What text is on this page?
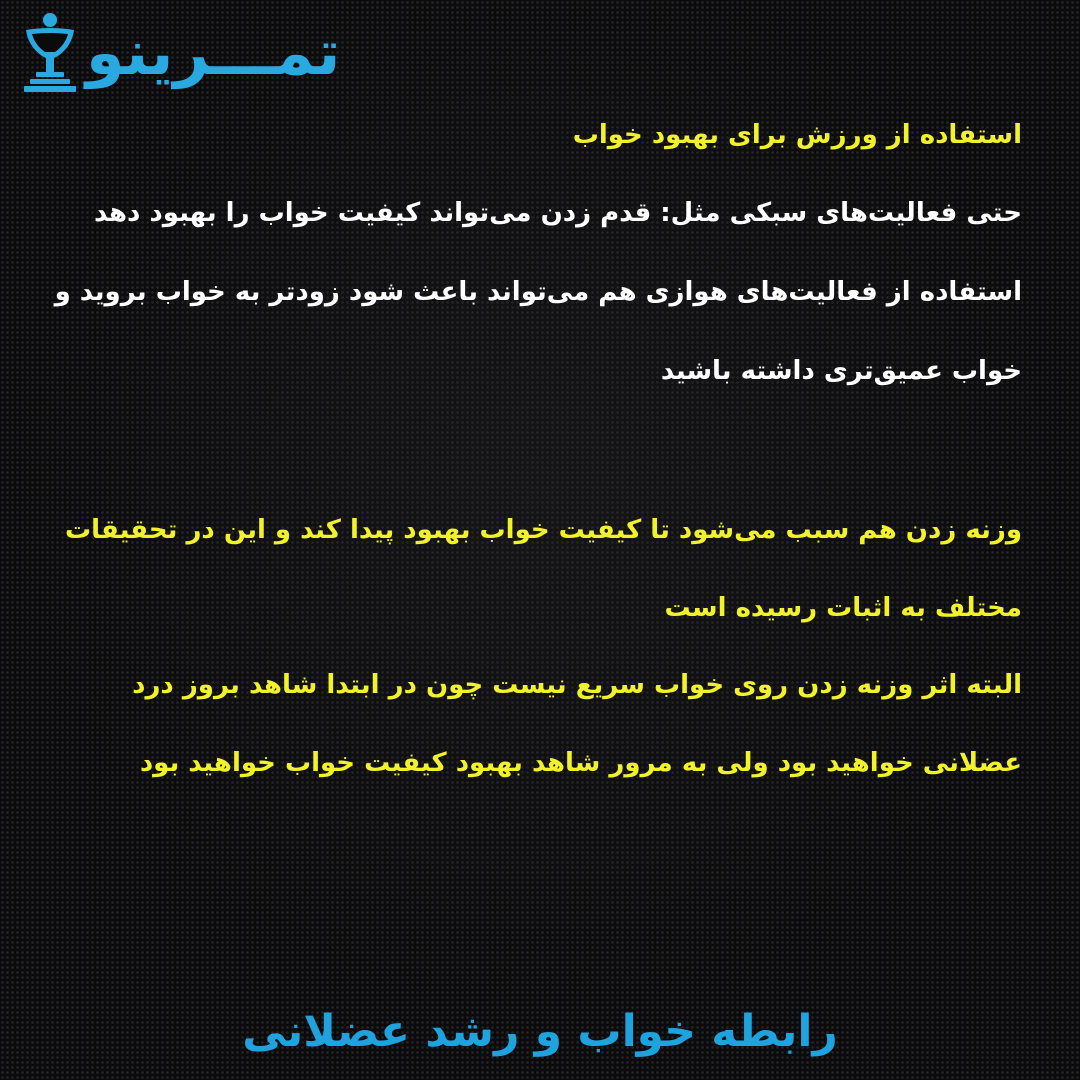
تمـــرینو
استفاده از ورزش برای بهبود خواب
حتی فعالیت‌های سبکی مثل: قدم زدن می‌تواند کیفیت خواب را بهبود دهد
استفاده از فعالیت‌های هوازی هم می‌تواند باعث شود زودتر به خواب بروید و
خواب عمیق‌تری داشته باشید
وزنه زدن هم سبب می‌شود تا کیفیت خواب بهبود پیدا کند و این در تحقیقات
مختلف به اثبات رسیده است
البته اثر وزنه زدن روی خواب سریع نیست چون در ابتدا شاهد بروز درد
عضلانی خواهید بود ولی به مرور شاهد بهبود کیفیت خواب خواهید بود
رابطه خواب و رشد عضلانی
